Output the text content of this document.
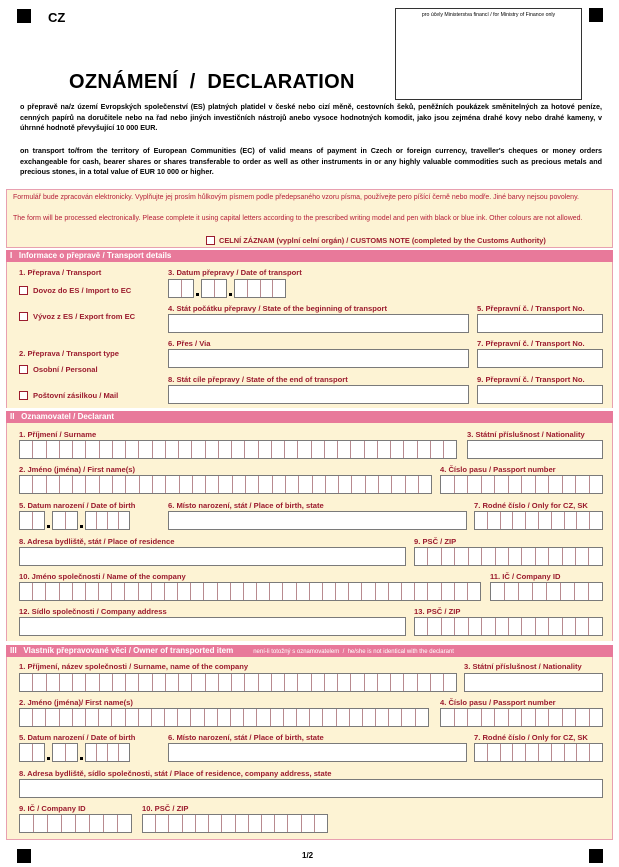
CZ	pro účely Ministerstva financí / for Ministry of Finance only
OZNÁMENÍ  /  DECLARATION
o přepravě na/z území Evropských společenství (ES) platných platidel v české nebo cizí měně, cestovních šeků, peněžních poukázek směnitelných za hotové peníze, cenných papírů na doručitele nebo na řad nebo jiných investičních nástrojů anebo vysoce hodnotných komodit, jako jsou zejména drahé kovy nebo drahé kameny, v úhrnné hodnotě převyšující 10 000 EUR.
on transport to/from the territory of European Communities (EC) of valid means of payment in Czech or foreign currency, traveller's cheques or money orders exchangeable for cash, bearer shares or shares transferable to order as well as other instruments in or any highly valuable commodities such as precious metals and precious stones, in a total value of EUR 10 000 or higher.
Formulář bude zpracován elektronicky. Vyplňujte jej prosím hůlkovým písmem podle předepsaného vzoru písma, používejte pero píšící černě nebo modře. Jiné barvy nejsou povoleny.
The form will be processed electronically. Please complete it using capital letters according to the prescribed writing model and pen with black or blue ink. Other colours are not allowed.
CELNÍ ZÁZNAM (vyplní celní orgán) / CUSTOMS NOTE (completed by the Customs Authority)
I   Informace o přepravě / Transport details
1. Přeprava / Transport
Dovoz do ES / Import to EC
Vývoz z ES / Export from EC
2. Přeprava / Transport type
Osobní / Personal
Poštovní zásilkou / Mail
3. Datum přepravy / Date of transport
4. Stát počátku přepravy / State of the beginning of transport	5. Přepravní č. / Transport No.
6. Přes / Via	7. Přepravní č. / Transport No.
8. Stát cíle přepravy / State of the end of transport	9. Přepravní č. / Transport No.
II   Oznamovatel / Declarant
1. Příjmení / Surname	3. Státní příslušnost / Nationality
2. Jméno (jména) / First name(s)	4. Číslo pasu / Passport number
5. Datum narození / Date of birth	6. Místo narození, stát / Place of birth, state	7. Rodné číslo / Only for CZ, SK
8. Adresa bydliště, stát / Place of residence	9. PSČ / ZIP
10. Jméno společnosti / Name of the company	11. IČ / Company ID
12. Sídlo společnosti / Company address	13. PSČ / ZIP
III   Vlastník přepravované věci / Owner of transported item	není-li totožný s oznamovatelem  /  he/she is not identical with the declarant
1. Příjmení, název společnosti / Surname, name of the company	3. Státní příslušnost / Nationality
2. Jméno (jména)/ First name(s)	4. Číslo pasu / Passport number
5. Datum narození / Date of birth	6. Místo narození, stát / Place of birth, state	7. Rodné číslo / Only for CZ, SK
8. Adresa bydliště, sídlo společnosti, stát / Place of residence, company address, state
9. IČ / Company ID	10. PSČ / ZIP
1/2
